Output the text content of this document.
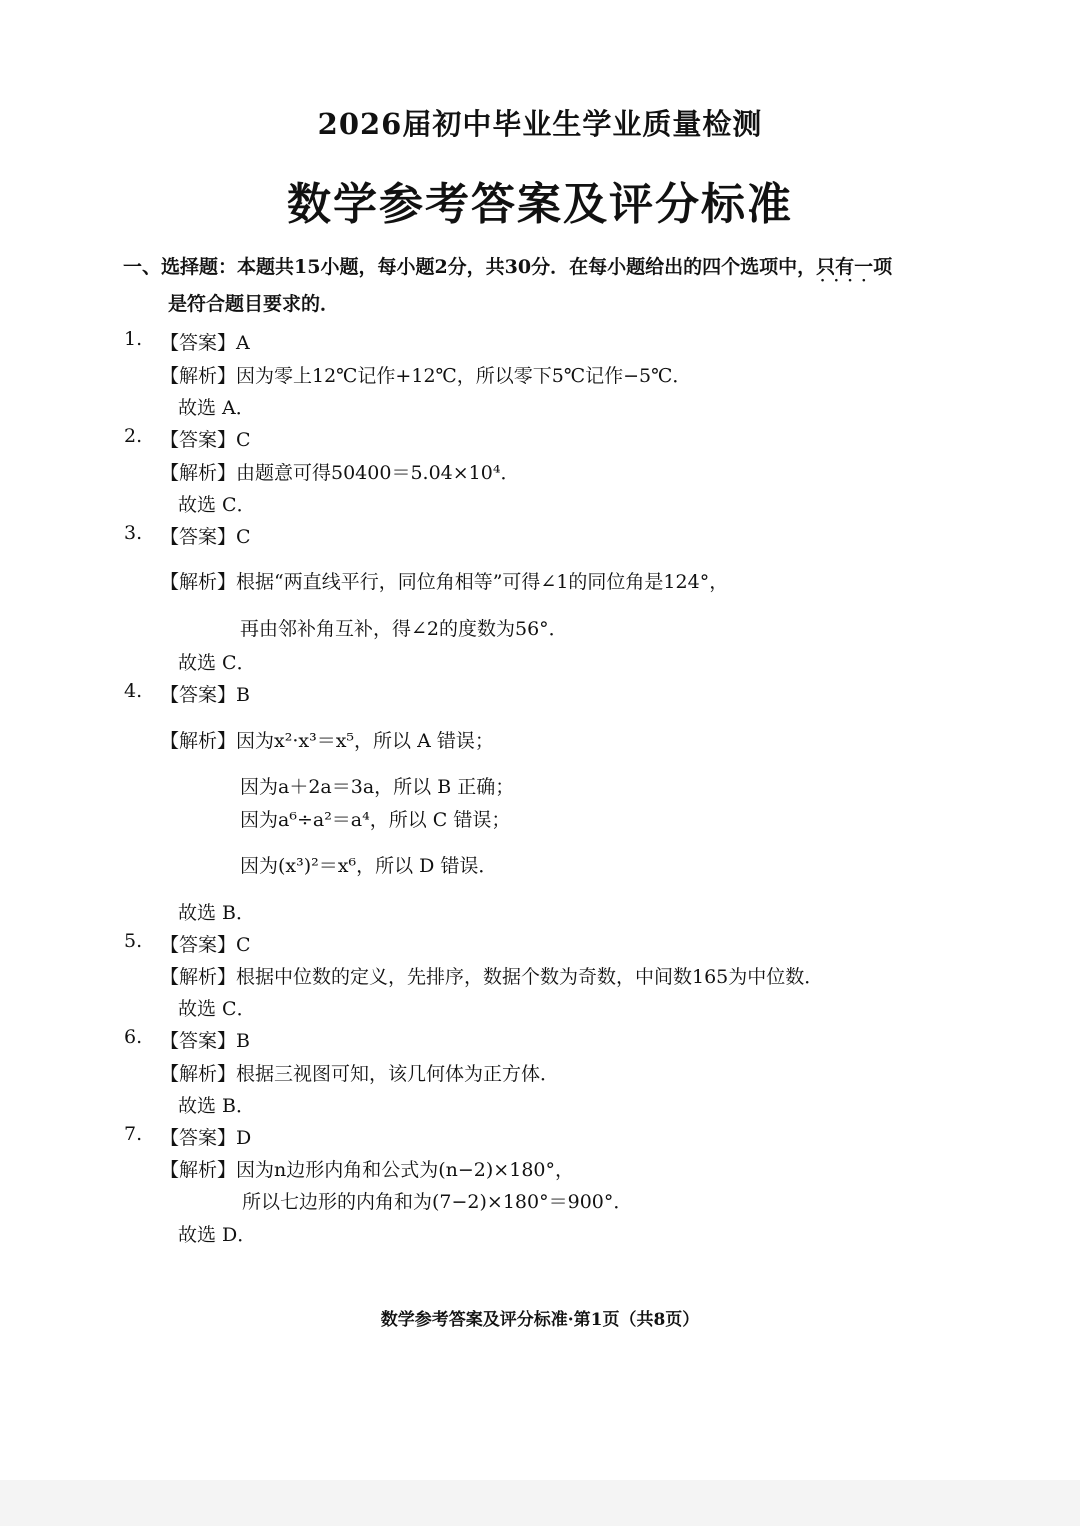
2026届初中毕业生学业质量检测
数学参考答案及评分标准
一、选择题：本题共15小题，每小题2分，共30分．在每小题给出的四个选项中，只有一项 · · · ·
是符合题目要求的．
1. 【答案】A
【解析】因为零上12℃记作+12℃，所以零下5℃记作−5℃．
故选 A．
2. 【答案】C
【解析】由题意可得50400＝5.04×10⁴．
故选 C．
3. 【答案】C
【解析】根据“两直线平行，同位角相等”可得∠1的同位角是124°，
再由邻补角互补，得∠2的度数为56°．
故选 C．
4. 【答案】B
【解析】因为x²·x³＝x⁵，所以 A 错误；
因为a＋2a＝3a，所以 B 正确；
因为a⁶÷a²＝a⁴，所以 C 错误；
因为(x³)²＝x⁶，所以 D 错误．
故选 B．
5. 【答案】C
【解析】根据中位数的定义，先排序，数据个数为奇数，中间数165为中位数．
故选 C．
6. 【答案】B
【解析】根据三视图可知，该几何体为正方体．
故选 B．
7. 【答案】D
【解析】因为n边形内角和公式为(n−2)×180°，
所以七边形的内角和为(7−2)×180°＝900°．
故选 D．
数学参考答案及评分标准·第1页（共8页）
